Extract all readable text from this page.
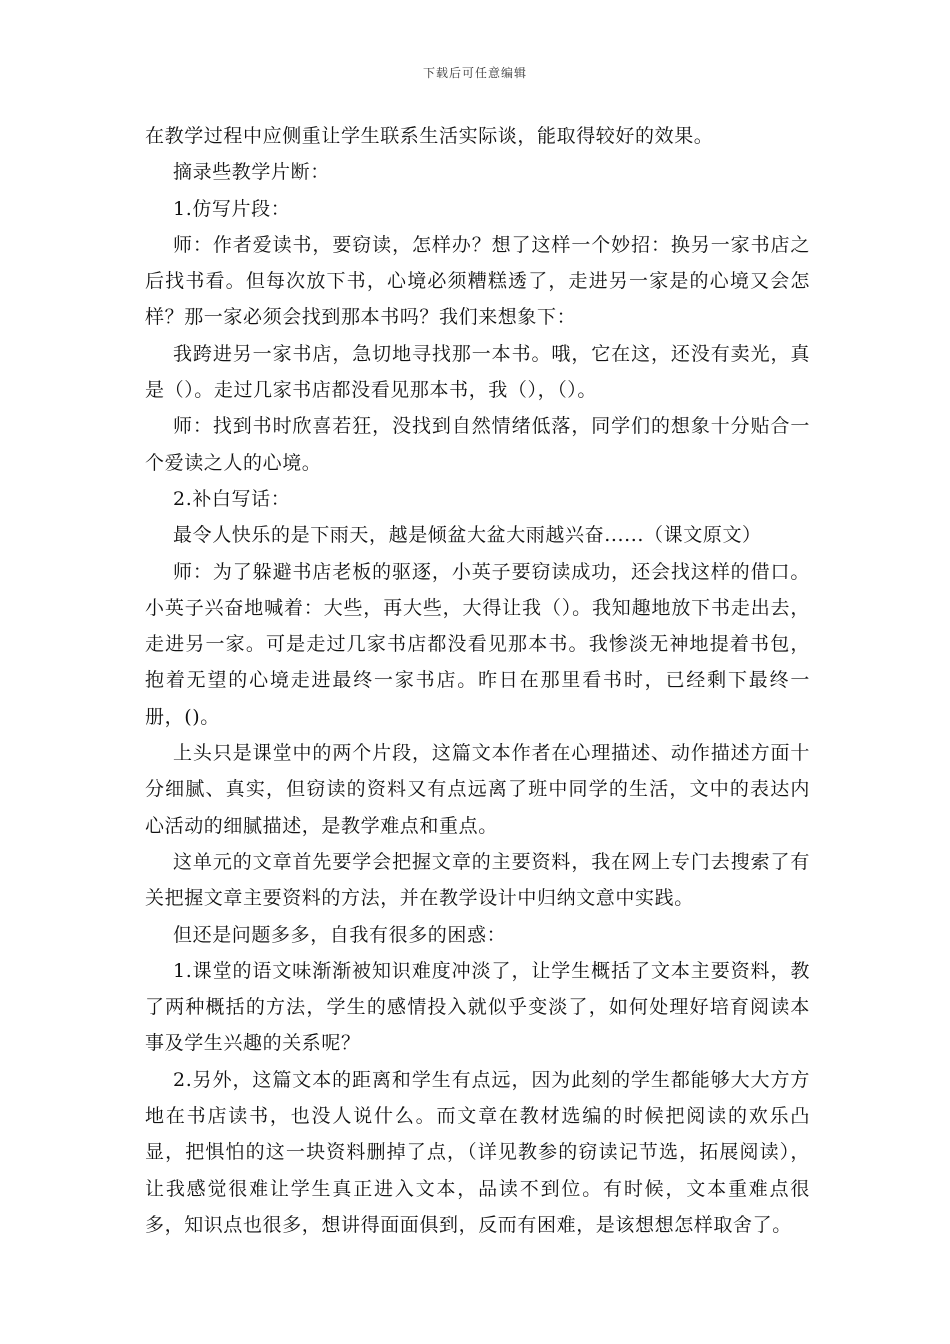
下载后可任意编辑

在教学过程中应侧重让学生联系生活实际谈，能取得较好的效果。

摘录些教学片断：

1.仿写片段：

师：作者爱读书，要窃读，怎样办？想了这样一个妙招：换另一家书店之后找书看。但每次放下书，心境必须糟糕透了，走进另一家是的心境又会怎样？那一家必须会找到那本书吗？我们来想象下：

我跨进另一家书店，急切地寻找那一本书。哦，它在这，还没有卖光，真是（）。走过几家书店都没看见那本书，我（），（）。

师：找到书时欣喜若狂，没找到自然情绪低落，同学们的想象十分贴合一个爱读之人的心境。

2.补白写话：

最令人快乐的是下雨天，越是倾盆大盆大雨越兴奋......（课文原文）

师：为了躲避书店老板的驱逐，小英子要窃读成功，还会找这样的借口。小英子兴奋地喊着：大些，再大些，大得让我（）。我知趣地放下书走出去，走进另一家。可是走过几家书店都没看见那本书。我惨淡无神地提着书包，抱着无望的心境走进最终一家书店。昨日在那里看书时，已经剩下最终一册，()。

上头只是课堂中的两个片段，这篇文本作者在心理描述、动作描述方面十分细腻、真实，但窃读的资料又有点远离了班中同学的生活，文中的表达内心活动的细腻描述，是教学难点和重点。

这单元的文章首先要学会把握文章的主要资料，我在网上专门去搜索了有关把握文章主要资料的方法，并在教学设计中归纳文意中实践。

但还是问题多多，自我有很多的困惑：

1.课堂的语文味渐渐被知识难度冲淡了，让学生概括了文本主要资料，教了两种概括的方法，学生的感情投入就似乎变淡了，如何处理好培育阅读本事及学生兴趣的关系呢？

2.另外，这篇文本的距离和学生有点远，因为此刻的学生都能够大大方方地在书店读书，也没人说什么。而文章在教材选编的时候把阅读的欢乐凸显，把惧怕的这一块资料删掉了点，（详见教参的窃读记节选，拓展阅读），让我感觉很难让学生真正进入文本，品读不到位。有时候，文本重难点很多，知识点也很多，想讲得面面俱到，反而有困难，是该想想怎样取舍了。
